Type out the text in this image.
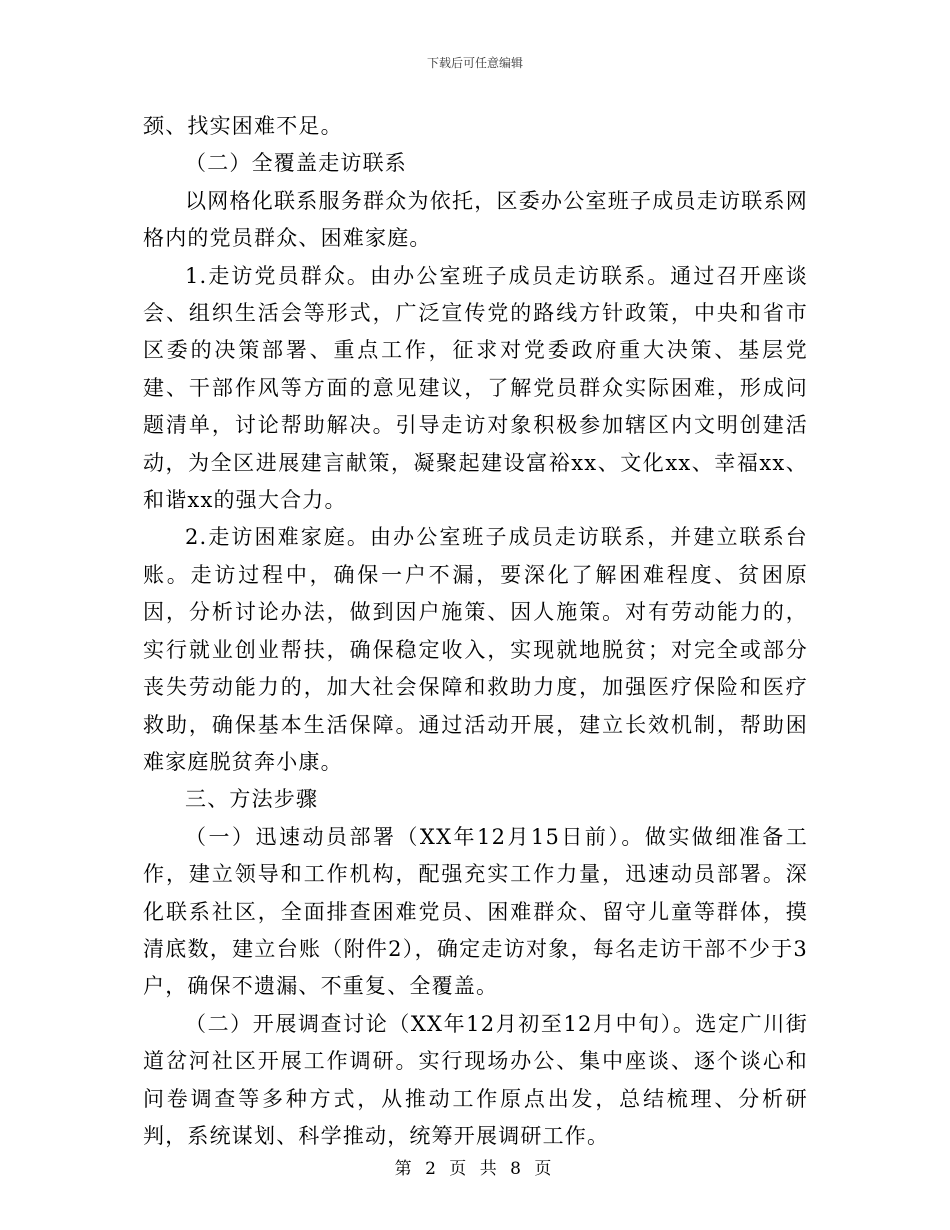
下载后可任意编辑

颈、找实困难不足。

（二）全覆盖走访联系

以网格化联系服务群众为依托，区委办公室班子成员走访联系网格内的党员群众、困难家庭。

1.走访党员群众。由办公室班子成员走访联系。通过召开座谈会、组织生活会等形式，广泛宣传党的路线方针政策，中央和省市区委的决策部署、重点工作，征求对党委政府重大决策、基层党建、干部作风等方面的意见建议，了解党员群众实际困难，形成问题清单，讨论帮助解决。引导走访对象积极参加辖区内文明创建活动，为全区进展建言献策，凝聚起建设富裕xx、文化xx、幸福xx、和谐xx的强大合力。

2.走访困难家庭。由办公室班子成员走访联系，并建立联系台账。走访过程中，确保一户不漏，要深化了解困难程度、贫困原因，分析讨论办法，做到因户施策、因人施策。对有劳动能力的，实行就业创业帮扶，确保稳定收入，实现就地脱贫；对完全或部分丧失劳动能力的，加大社会保障和救助力度，加强医疗保险和医疗救助，确保基本生活保障。通过活动开展，建立长效机制，帮助困难家庭脱贫奔小康。

三、方法步骤

（一）迅速动员部署（XX年12月15日前）。做实做细准备工作，建立领导和工作机构，配强充实工作力量，迅速动员部署。深化联系社区，全面排查困难党员、困难群众、留守儿童等群体，摸清底数，建立台账（附件2），确定走访对象，每名走访干部不少于3户，确保不遗漏、不重复、全覆盖。

（二）开展调查讨论（XX年12月初至12月中旬）。选定广川街道岔河社区开展工作调研。实行现场办公、集中座谈、逐个谈心和问卷调查等多种方式，从推动工作原点出发，总结梳理、分析研判，系统谋划、科学推动，统筹开展调研工作。

第 2 页 共 8 页
